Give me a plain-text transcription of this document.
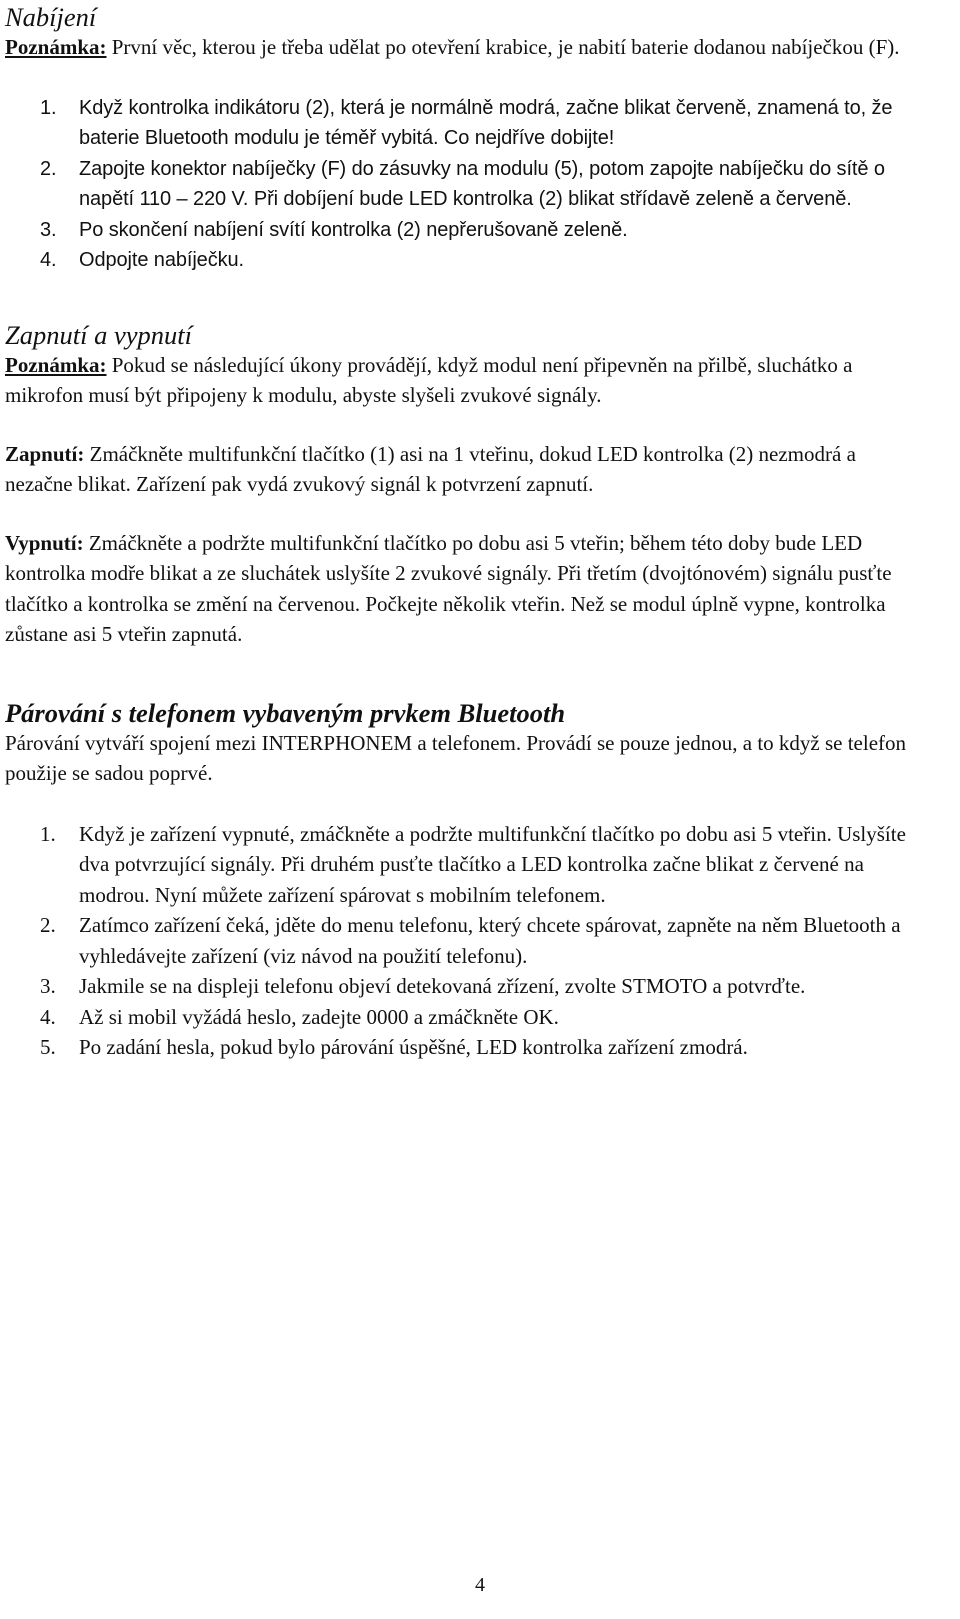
Nabíjení

Poznámka: První věc, kterou je třeba udělat po otevření krabice, je nabití baterie dodanou nabíječkou (F).

1. Když kontrolka indikátoru (2), která je normálně modrá, začne blikat červeně, znamená to, že baterie Bluetooth modulu je téměř vybitá. Co nejdříve dobijte!
2. Zapojte konektor nabíječky (F) do zásuvky na modulu (5), potom zapojte nabíječku do sítě o napětí 110 – 220 V. Při dobíjení bude LED kontrolka (2) blikat střídavě zeleně a červeně.
3. Po skončení nabíjení svítí kontrolka (2) nepřerušovaně zeleně.
4. Odpojte nabíječku.
Zapnutí a vypnutí

Poznámka: Pokud se následující úkony provádějí, když modul není připevněn na přilbě, sluchátko a mikrofon musí být připojeny k modulu, abyste slyšeli zvukové signály.

Zapnutí: Zmáčkněte multifunkční tlačítko (1) asi na 1 vteřinu, dokud LED kontrolka (2) nezmodrá a nezačne blikat. Zařízení pak vydá zvukový signál k potvrzení zapnutí.

Vypnutí: Zmáčkněte a podržte multifunkční tlačítko po dobu asi 5 vteřin; během této doby bude LED kontrolka modře blikat a ze sluchátek uslyšíte 2 zvukové signály. Při třetím (dvojtónovém) signálu pusťte tlačítko a kontrolka se změní na červenou. Počkejte několik vteřin. Než se modul úplně vypne, kontrolka zůstane asi 5 vteřin zapnutá.

Párování s telefonem vybaveným prvkem Bluetooth

Párování vytváří spojení mezi INTERPHONEM a telefonem. Provádí se pouze jednou, a to když se telefon použije se sadou poprvé.

1. Když je zařízení vypnuté, zmáčkněte a podržte multifunkční tlačítko po dobu asi 5 vteřin. Uslyšíte dva potvrzující signály. Při druhém pusťte tlačítko a LED kontrolka začne blikat z červené na modrou. Nyní můžete zařízení spárovat s mobilním telefonem.
2. Zatímco zařízení čeká, jděte do menu telefonu, který chcete spárovat, zapněte na něm Bluetooth a vyhledávejte zařízení (viz návod na použití telefonu).
3. Jakmile se na displeji telefonu objeví detekovaná zřízení, zvolte STMOTO a potvrďte.
4. Až si mobil vyžádá heslo, zadejte 0000 a zmáčkněte OK.
5. Po zadání hesla, pokud bylo párování úspěšné, LED kontrolka zařízení zmodrá.
4
